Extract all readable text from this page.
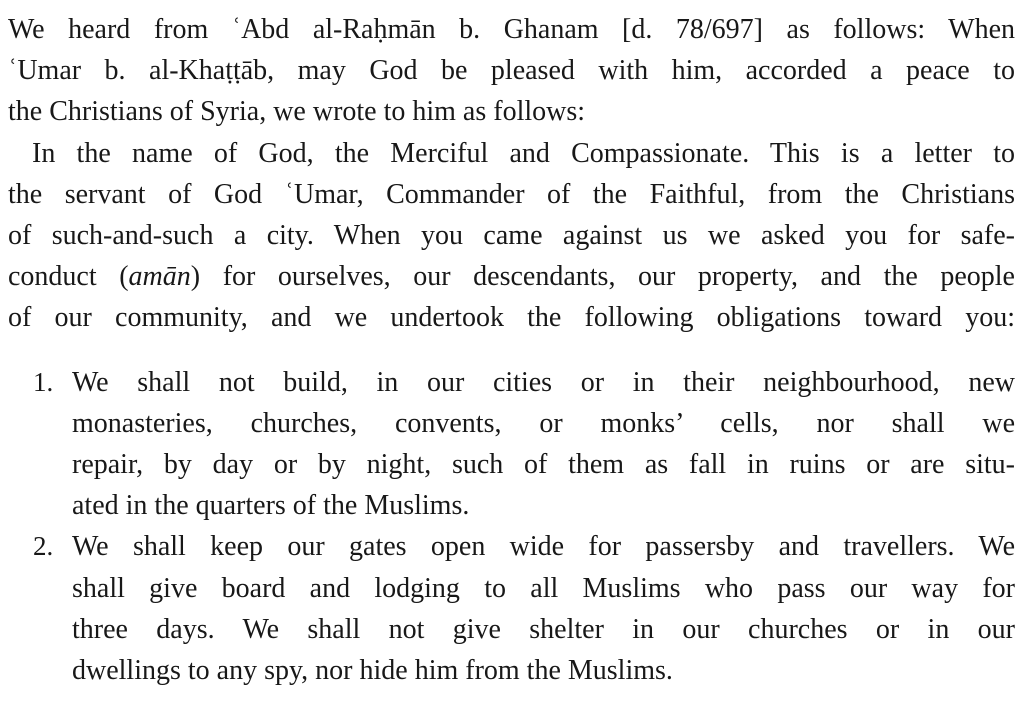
We heard from ʿAbd al-Raḥmān b. Ghanam [d. 78/697] as follows: When
ʿUmar b. al-Khaṭṭāb, may God be pleased with him, accorded a peace to
the Christians of Syria, we wrote to him as follows:
In the name of God, the Merciful and Compassionate. This is a letter to
the servant of God ʿUmar, Commander of the Faithful, from the Christians
of such-and-such a city. When you came against us we asked you for safe-
conduct (amān) for ourselves, our descendants, our property, and the people
of our community, and we undertook the following obligations toward you:
1. We shall not build, in our cities or in their neighbourhood, new
monasteries, churches, convents, or monks’ cells, nor shall we
repair, by day or by night, such of them as fall in ruins or are situ-
ated in the quarters of the Muslims.
2. We shall keep our gates open wide for passersby and travellers. We
shall give board and lodging to all Muslims who pass our way for
three days. We shall not give shelter in our churches or in our
dwellings to any spy, nor hide him from the Muslims.
